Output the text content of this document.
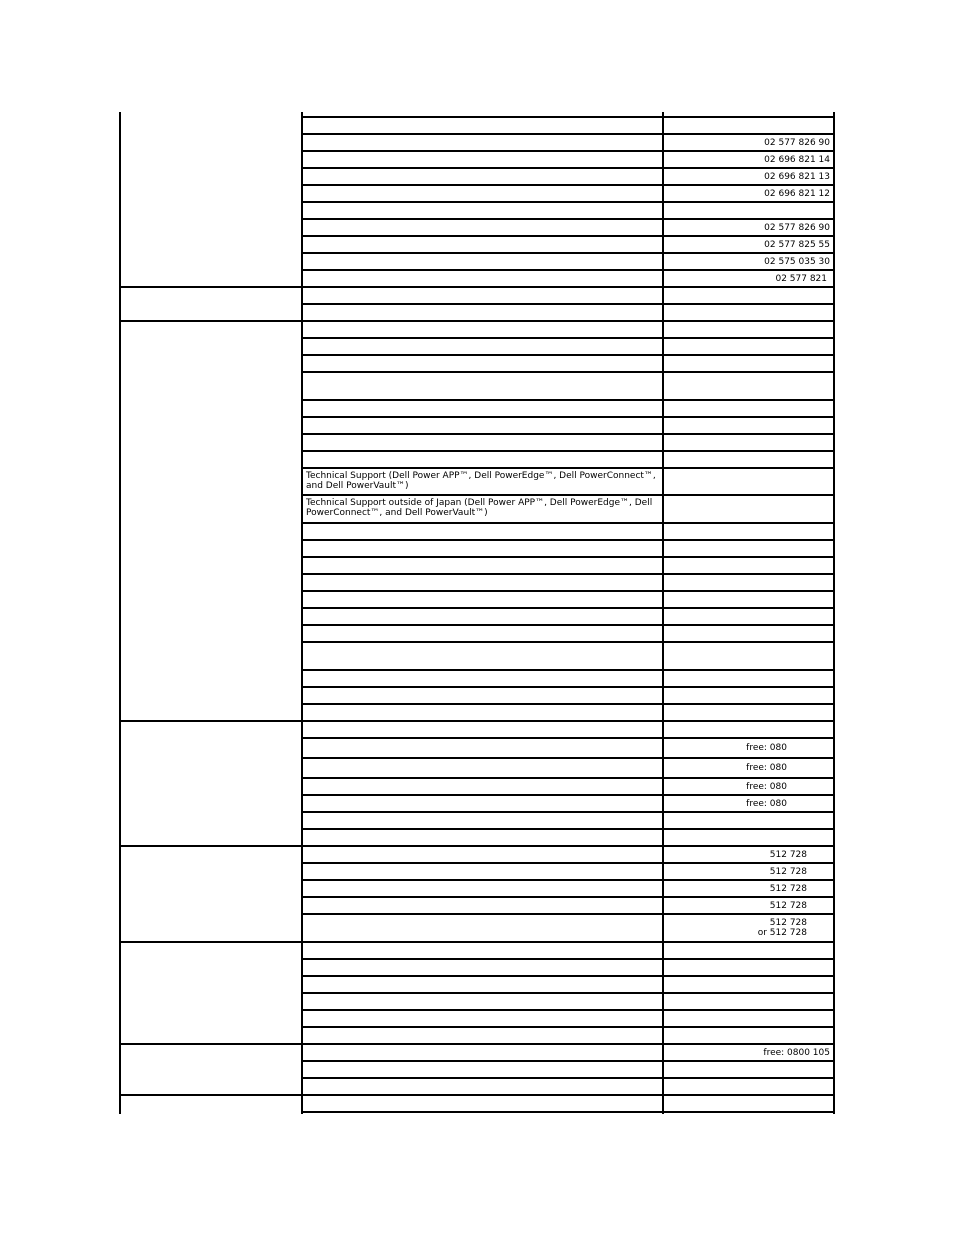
02 577 826 90
02 696 821 14
02 696 821 13
02 696 821 12
02 577 826 90
02 577 825 55
02 575 035 30
02 577 821
Technical Support (Dell Power APP™, Dell PowerEdge™, Dell PowerConnect™, and Dell PowerVault™)
Technical Support outside of Japan (Dell Power APP™, Dell PowerEdge™, Dell PowerConnect™, and Dell PowerVault™)
free: 080
free: 080
free: 080
free: 080
512 728
512 728
512 728
512 728
512 728
or 512 728
free: 0800 105
